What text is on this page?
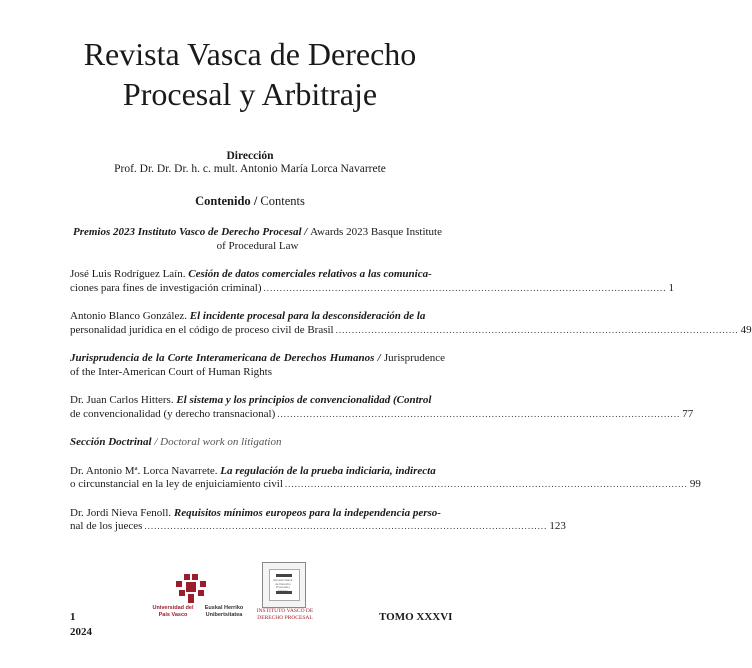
Revista Vasca de Derecho
Procesal y Arbitraje
Dirección
Prof. Dr. Dr. Dr. h. c. mult. Antonio María Lorca Navarrete
Contenido / Contents

Premios 2023 Instituto Vasco de Derecho Procesal / Awards 2023 Basque Institute of Procedural Law

José Luis Rodríguez Laín. Cesión de datos comerciales relativos a las comunica-

ciones para fines de investigación criminal) ............................................................................................................................ 1

Antonio Blanco González. El incidente procesal para la desconsideración de la

personalidad jurídica en el código de proceso civil de Brasil ............................................................................................................................ 49

Jurisprudencia de la Corte Interamericana de Derechos Humanos / Jurisprudence of the Inter-American Court of Human Rights

Dr. Juan Carlos Hitters. El sistema y los principios de convencionalidad (Control

de convencionalidad (y derecho transnacional) ............................................................................................................................ 77

Sección Doctrinal / Doctoral work on litigation

Dr. Antonio Mª. Lorca Navarrete. La regulación de la prueba indiciaria, indirecta

o circunstancial en la ley de enjuiciamiento civil ............................................................................................................................ 99

Dr. Jordi Nieva Fenoll. Requisitos mínimos europeos para la independencia perso-

nal de los jueces ............................................................................................................................ 123
1
2024
TOMO XXXVI
Universidad del País Vasco
Euskal Herriko Unibertsitatea
Revista Vasca de Derecho Procesal y
INSTITUTO VASCO DE DERECHO PROCESAL
